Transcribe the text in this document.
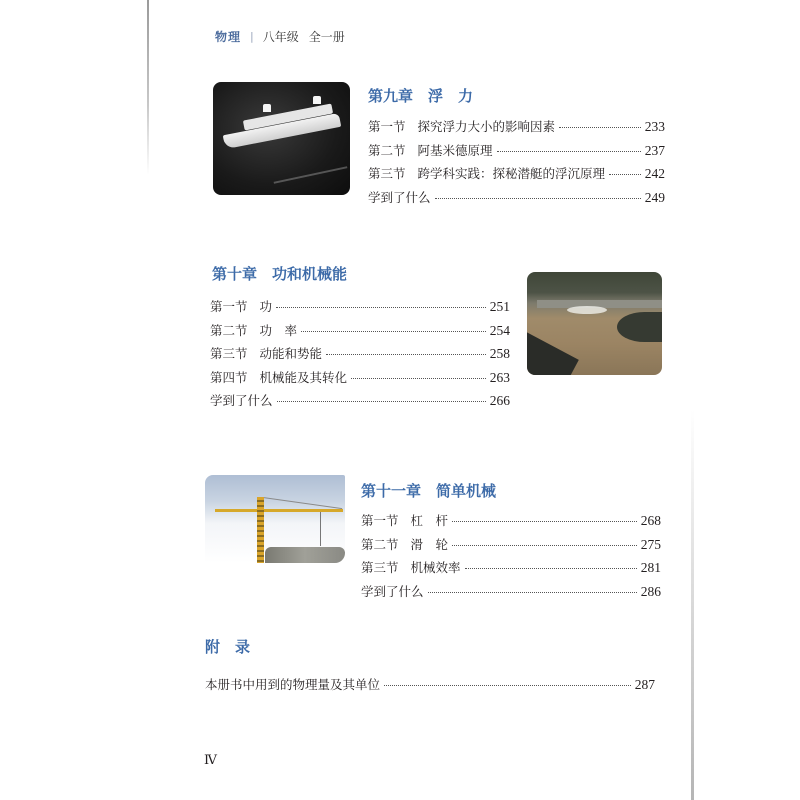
物理 | 八年级 全一册
第九章　浮　力
第一节 探究浮力大小的影响因素	233
第二节 阿基米德原理	237
第三节 跨学科实践：探秘潜艇的浮沉原理	242
学到了什么	249
第十章　功和机械能
第一节 功	251
第二节 功　率	254
第三节 动能和势能	258
第四节 机械能及其转化	263
学到了什么	266
第十一章　简单机械
第一节 杠　杆	268
第二节 滑　轮	275
第三节 机械效率	281
学到了什么	286
附　录
本册书中用到的物理量及其单位	287
Ⅳ
